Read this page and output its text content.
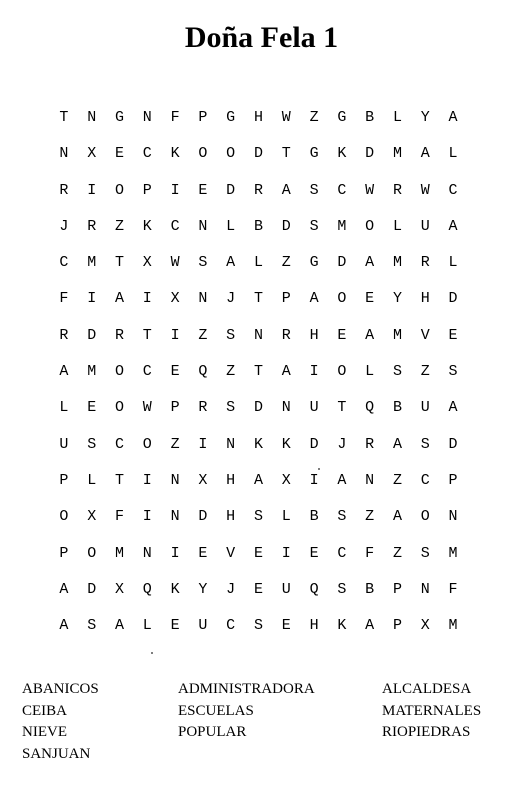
Doña Fela 1
T	N	G	N	F	P	G	H	W	Z	G	B	L	Y	A
N	X	E	C	K	O	O	D	T	G	K	D	M	A	L
R	I	O	P	I	E	D	R	A	S	C	W	R	W	C
J	R	Z	K	C	N	L	B	D	S	M	O	L	U	A
C	M	T	X	W	S	A	L	Z	G	D	A	M	R	L
F	I	A	I	X	N	J	T	P	A	O	E	Y	H	D
R	D	R	T	I	Z	S	N	R	H	E	A	M	V	E
A	M	O	C	E	Q	Z	T	A	I	O	L	S	Z	S
L	E	O	W	P	R	S	D	N	U	T	Q	B	U	A
U	S	C	O	Z	I	N	K	K	D	J	R	A	S	D
P	L	T	I	N	X	H	A	X	I	A	N	Z	C	P
O	X	F	I	N	D	H	S	L	B	S	Z	A	O	N
P	O	M	N	I	E	V	E	I	E	C	F	Z	S	M
A	D	X	Q	K	Y	J	E	U	Q	S	B	P	N	F
A	S	A	L	E	U	C	S	E	H	K	A	P	X	M
ABANICOS
CEIBA
NIEVE
SANJUAN
ADMINISTRADORA
ESCUELAS
POPULAR
ALCALDESA
MATERNALES
RIOPIEDRAS
